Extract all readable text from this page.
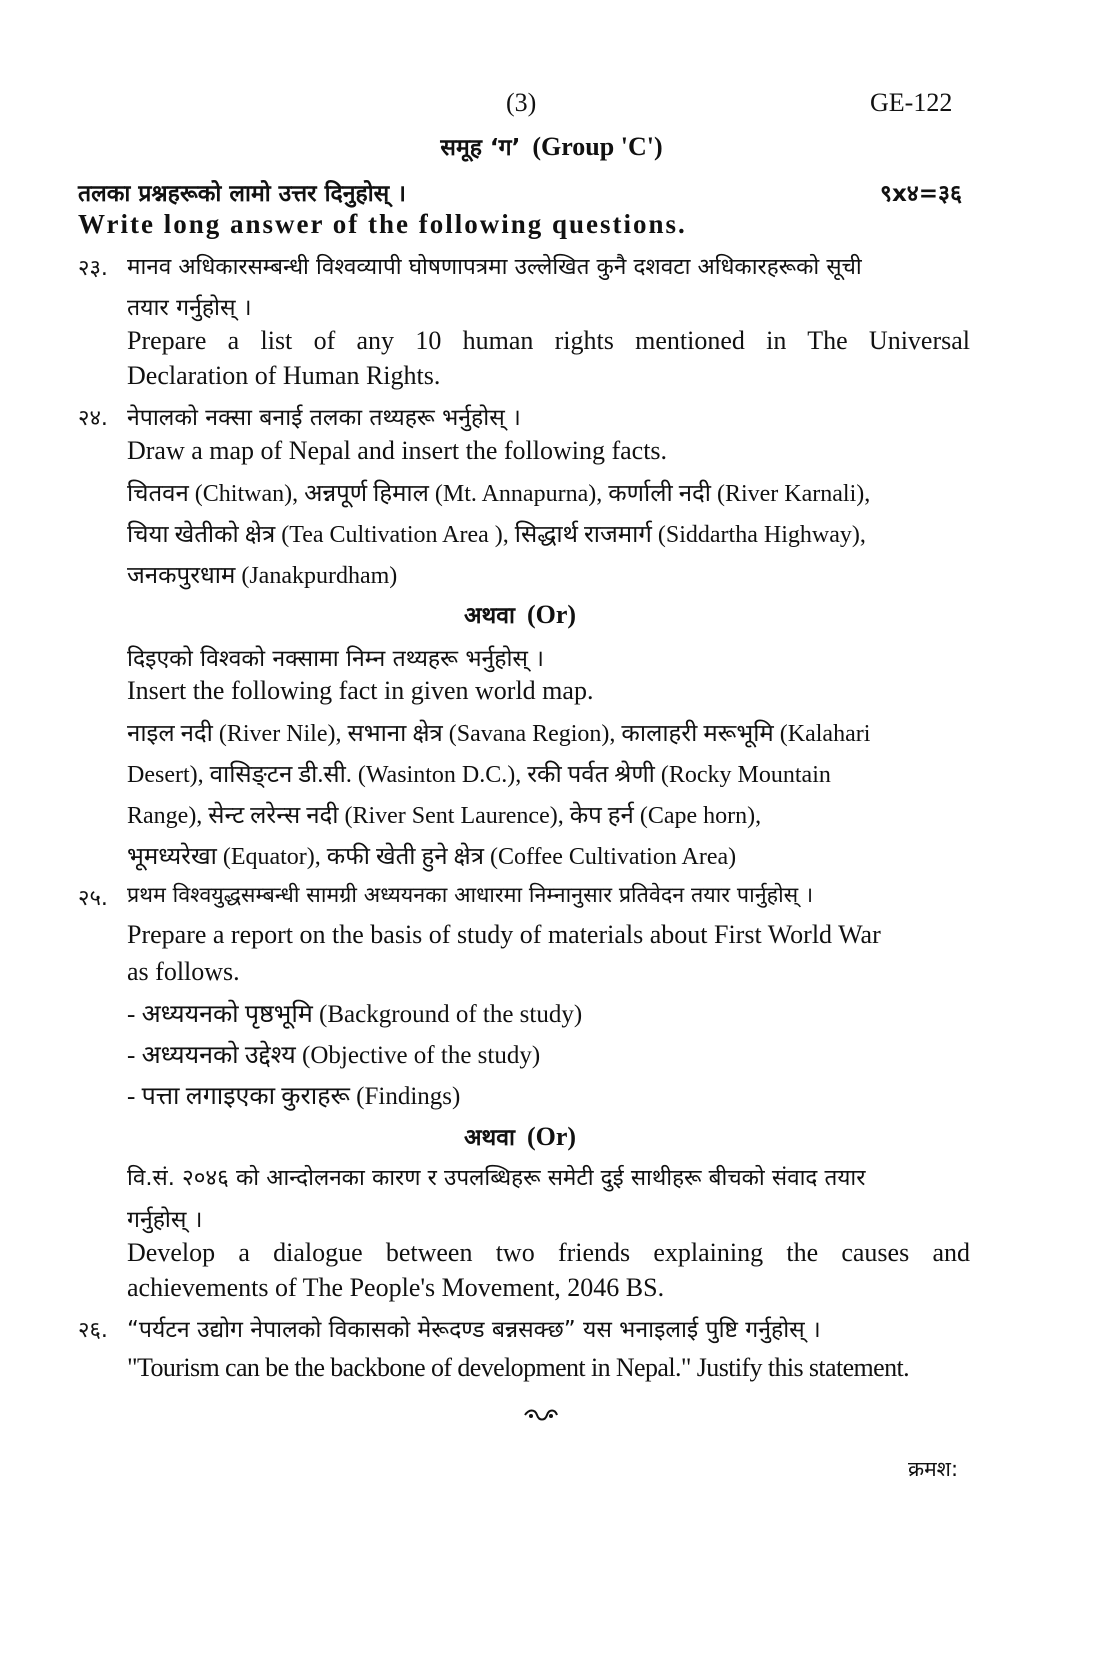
(3)	GE-122
समूह ‘ग’ (Group 'C')
तलका प्रश्नहरूको लामो उत्तर दिनुहोस् ।	९x४=३६
Write long answer of the following questions.
२३. मानव अधिकारसम्बन्धी विश्वव्यापी घोषणापत्रमा उल्लेखित कुनै दशवटा अधिकारहरूको सूची
तयार गर्नुहोस् ।
Prepare a list of any 10 human rights mentioned in The Universal
Declaration of Human Rights.
२४. नेपालको नक्सा बनाई तलका तथ्यहरू भर्नुहोस् ।
Draw a map of Nepal and insert the following facts.
चितवन (Chitwan), अन्नपूर्ण हिमाल (Mt. Annapurna), कर्णाली नदी (River Karnali),
चिया खेतीको क्षेत्र (Tea Cultivation Area ), सिद्धार्थ राजमार्ग (Siddartha Highway),
जनकपुरधाम (Janakpurdham)
अथवा (Or)
दिइएको विश्वको नक्सामा निम्न तथ्यहरू भर्नुहोस् ।
Insert the following fact in given world map.
नाइल नदी (River Nile), सभाना क्षेत्र (Savana Region), कालाहरी मरूभूमि (Kalahari
Desert), वासिङ्टन डी.सी. (Wasinton D.C.), रकी पर्वत श्रेणी (Rocky Mountain
Range), सेन्ट लरेन्स नदी (River Sent Laurence), केप हर्न (Cape horn),
भूमध्यरेखा (Equator), कफी खेती हुने क्षेत्र (Coffee Cultivation Area)
२५. प्रथम विश्वयुद्धसम्बन्धी सामग्री अध्ययनका आधारमा निम्नानुसार प्रतिवेदन तयार पार्नुहोस् ।
Prepare a report on the basis of study of materials about First World War
as follows.
- अध्ययनको पृष्ठभूमि (Background of the study)
- अध्ययनको उद्देश्य (Objective of the study)
- पत्ता लगाइएका कुराहरू (Findings)
अथवा (Or)
वि.सं. २०४६ को आन्दोलनका कारण र उपलब्धिहरू समेटी दुई साथीहरू बीचको संवाद तयार
गर्नुहोस् ।
Develop a dialogue between two friends explaining the causes and
achievements of The People's Movement, 2046 BS.
२६. “पर्यटन उद्योग नेपालको विकासको मेरूदण्ड बन्नसक्छ” यस भनाइलाई पुष्टि गर्नुहोस् ।
"Tourism can be the backbone of development in Nepal." Justify this statement.
क्रमश:
